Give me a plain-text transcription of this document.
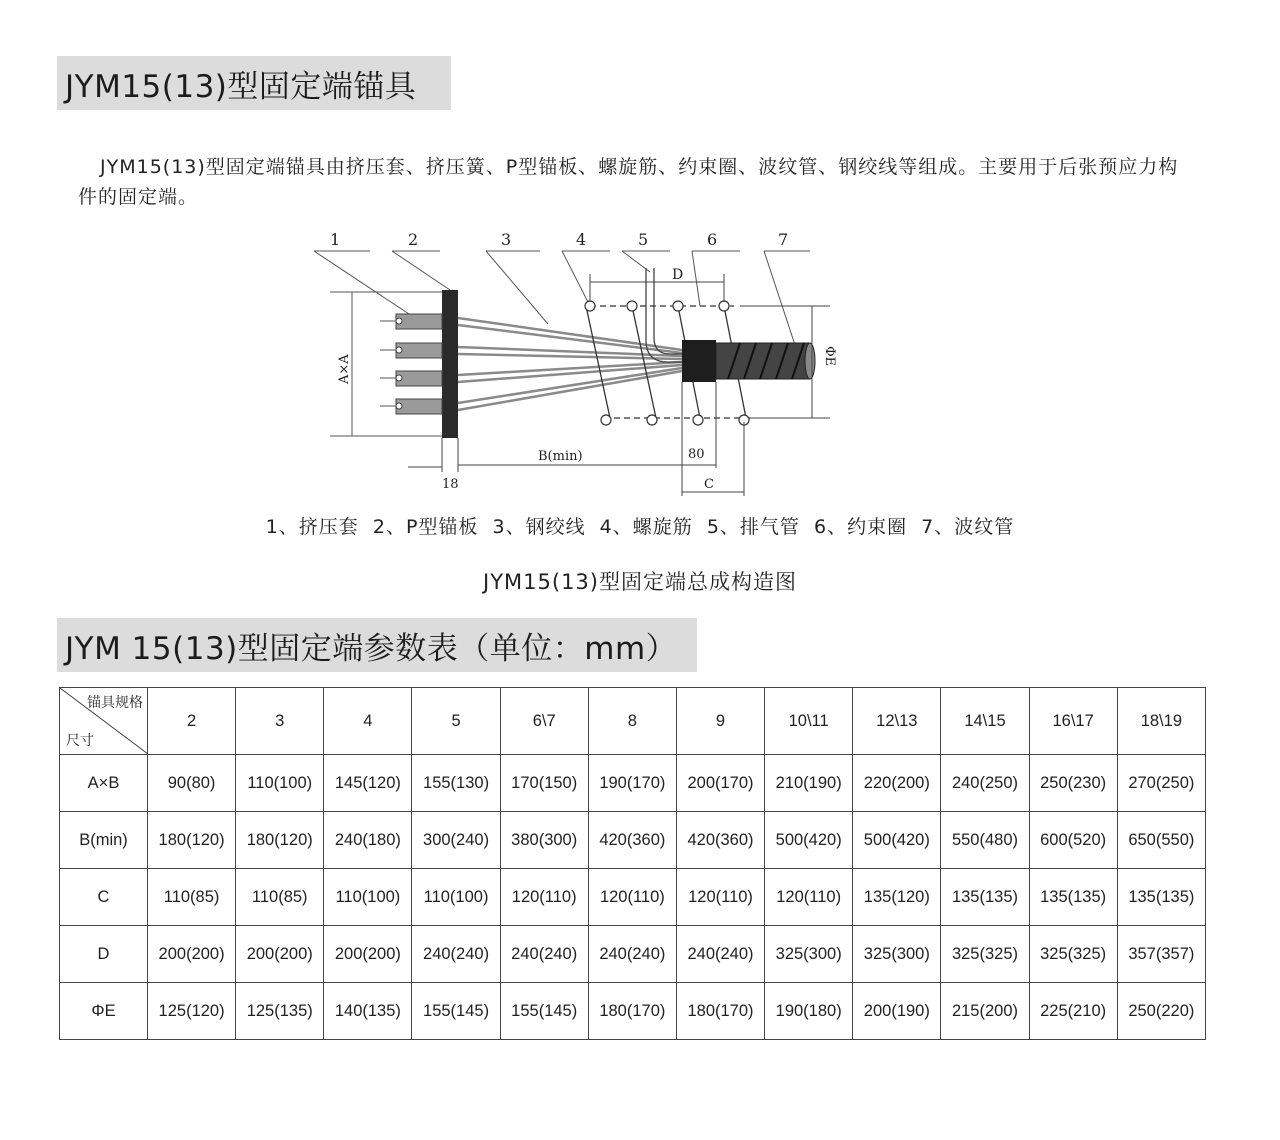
JYM15(13)型固定端锚具
JYM15(13)型固定端锚具由挤压套、挤压簧、P型锚板、螺旋筋、约束圈、波纹管、钢绞线等组成。主要用于后张预应力构件的固定端。
1	2	3	4	5	6	7
A×A
D
ΦE
B(min)	80
C
18
1、挤压套  2、P型锚板  3、钢绞线  4、螺旋筋  5、排气管  6、约束圈  7、波纹管
JYM15(13)型固定端总成构造图
JYM 15(13)型固定端参数表（单位：mm）
锚具规格
尺寸	2	3	4	5	6\7	8	9	10\11	12\13	14\15	16\17	18\19
A×B	90(80)	110(100)	145(120)	155(130)	170(150)	190(170)	200(170)	210(190)	220(200)	240(250)	250(230)	270(250)
B(min)	180(120)	180(120)	240(180)	300(240)	380(300)	420(360)	420(360)	500(420)	500(420)	550(480)	600(520)	650(550)
C	110(85)	110(85)	110(100)	110(100)	120(110)	120(110)	120(110)	120(110)	135(120)	135(135)	135(135)	135(135)
D	200(200)	200(200)	200(200)	240(240)	240(240)	240(240)	240(240)	325(300)	325(300)	325(325)	325(325)	357(357)
ΦE	125(120)	125(135)	140(135)	155(145)	155(145)	180(170)	180(170)	190(180)	200(190)	215(200)	225(210)	250(220)
